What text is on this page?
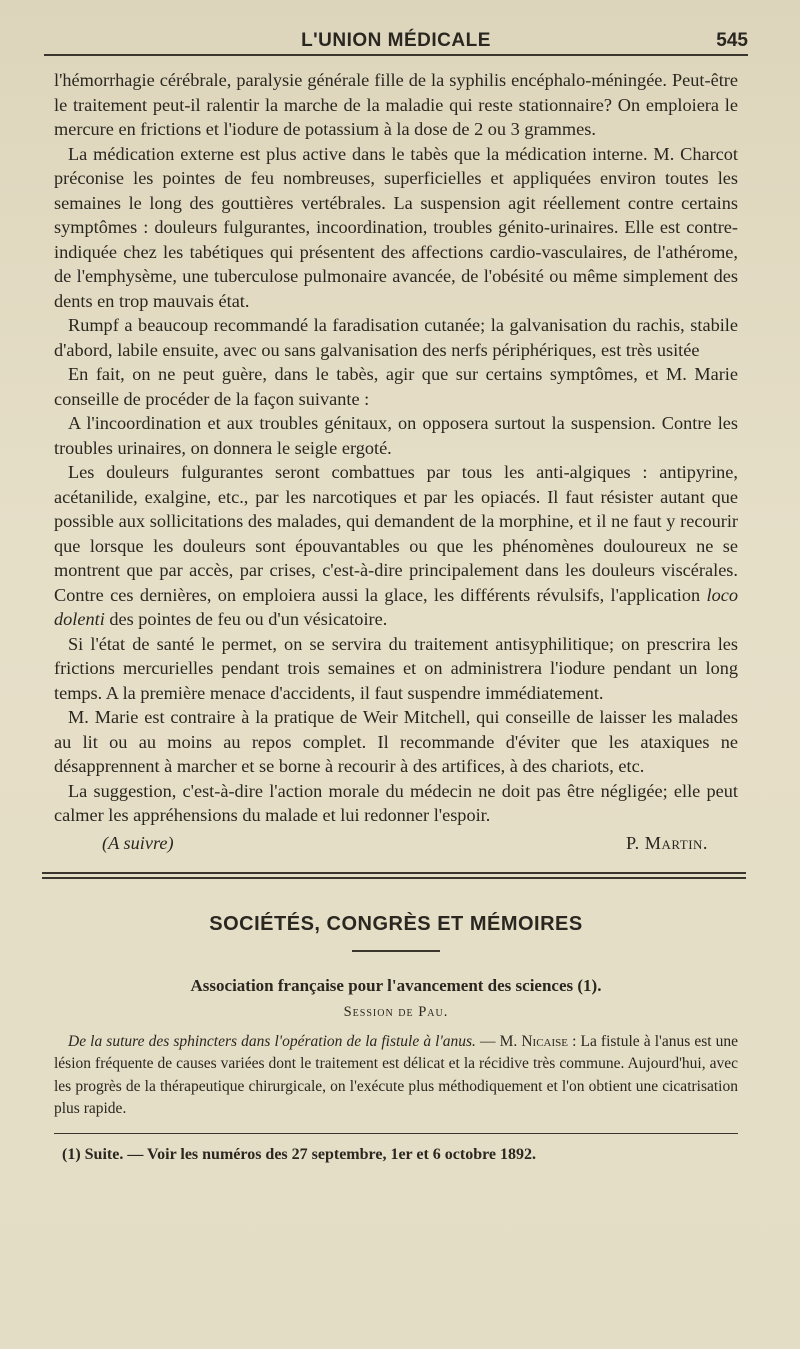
L'UNION MÉDICALE	545

l'hémorrhagie cérébrale, paralysie générale fille de la syphilis encéphalo-méningée. Peut-être le traitement peut-il ralentir la marche de la maladie qui reste stationnaire? On emploiera le mercure en frictions et l'iodure de potassium à la dose de 2 ou 3 grammes.

La médication externe est plus active dans le tabès que la médication interne. M. Charcot préconise les pointes de feu nombreuses, superficielles et appliquées environ toutes les semaines le long des gouttières vertébrales. La suspension agit réellement contre certains symptômes : douleurs fulgurantes, incoordination, troubles génito-urinaires. Elle est contre-indiquée chez les tabétiques qui présentent des affections cardio-vasculaires, de l'athérome, de l'emphysème, une tuberculose pulmonaire avancée, de l'obésité ou même simplement des dents en trop mauvais état.

Rumpf a beaucoup recommandé la faradisation cutanée; la galvanisation du rachis, stabile d'abord, labile ensuite, avec ou sans galvanisation des nerfs périphériques, est très usitée

En fait, on ne peut guère, dans le tabès, agir que sur certains symptômes, et M. Marie conseille de procéder de la façon suivante :

A l'incoordination et aux troubles génitaux, on opposera surtout la suspension. Contre les troubles urinaires, on donnera le seigle ergoté.

Les douleurs fulgurantes seront combattues par tous les anti-algiques : antipyrine, acétanilide, exalgine, etc., par les narcotiques et par les opiacés. Il faut résister autant que possible aux sollicitations des malades, qui demandent de la morphine, et il ne faut y recourir que lorsque les douleurs sont épouvantables ou que les phénomènes douloureux ne se montrent que par accès, par crises, c'est-à-dire principalement dans les douleurs viscérales. Contre ces dernières, on emploiera aussi la glace, les différents révulsifs, l'application loco dolenti des pointes de feu ou d'un vésicatoire.

Si l'état de santé le permet, on se servira du traitement antisyphilitique; on prescrira les frictions mercurielles pendant trois semaines et on administrera l'iodure pendant un long temps. A la première menace d'accidents, il faut suspendre immédiatement.

M. Marie est contraire à la pratique de Weir Mitchell, qui conseille de laisser les malades au lit ou au moins au repos complet. Il recommande d'éviter que les ataxiques ne désapprennent à marcher et se borne à recourir à des artifices, à des chariots, etc.

La suggestion, c'est-à-dire l'action morale du médecin ne doit pas être négligée; elle peut calmer les appréhensions du malade et lui redonner l'espoir.

(A suivre)	P. Martin.
SOCIÉTÉS, CONGRÈS ET MÉMOIRES
Association française pour l'avancement des sciences (1).
Session de Pau.

De la suture des sphincters dans l'opération de la fistule à l'anus. — M. Nicaise : La fistule à l'anus est une lésion fréquente de causes variées dont le traitement est délicat et la récidive très commune. Aujourd'hui, avec les progrès de la thérapeutique chirurgicale, on l'exécute plus méthodiquement et l'on obtient une cicatrisation plus rapide.

(1) Suite. — Voir les numéros des 27 septembre, 1er et 6 octobre 1892.
